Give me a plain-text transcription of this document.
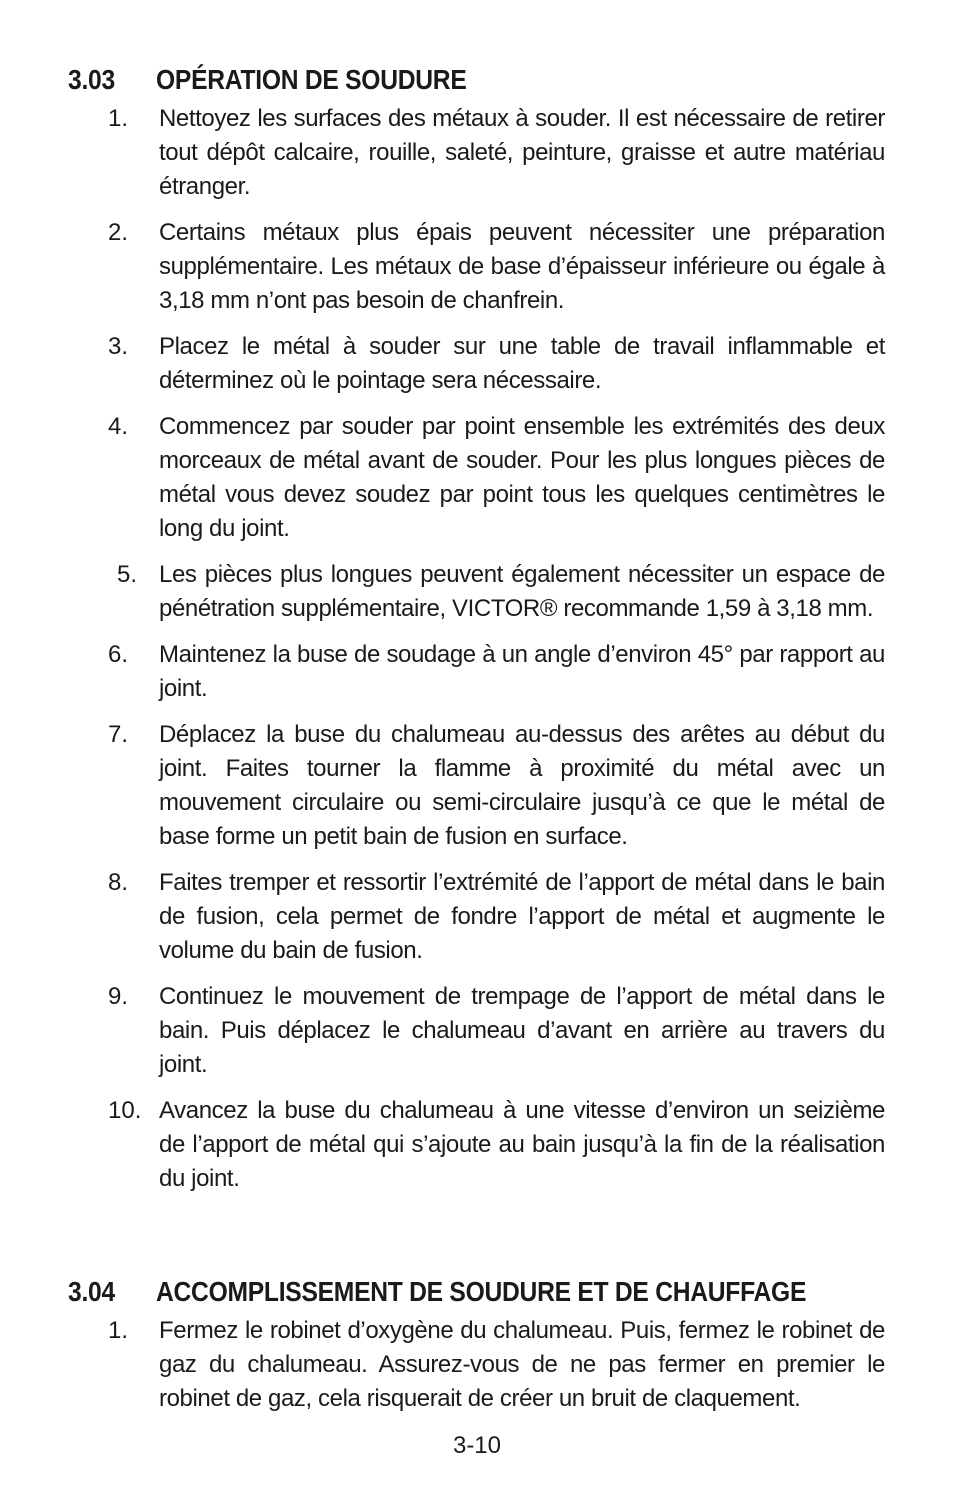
3.03 OPÉRATION DE SOUDURE
1. Nettoyez les surfaces des métaux à souder. Il est nécessaire de retirer tout dépôt calcaire, rouille, saleté, peinture, graisse et autre matériau étranger.
2. Certains métaux plus épais peuvent nécessiter une préparation supplémentaire. Les métaux de base d’épaisseur inférieure ou égale à 3,18 mm n’ont pas besoin de chanfrein.
3. Placez le métal à souder sur une table de travail inflammable et déterminez où le pointage sera nécessaire.
4. Commencez par souder par point ensemble les extrémités des deux morceaux de métal avant de souder. Pour les plus longues pièces de métal vous devez soudez par point tous les quelques centimètres le long du joint.
5. Les pièces plus longues peuvent également nécessiter un espace de pénétration supplémentaire, VICTOR® recommande 1,59 à 3,18 mm.
6. Maintenez la buse de soudage à un angle d’environ 45° par rapport au joint.
7. Déplacez la buse du chalumeau au-dessus des arêtes au début du joint. Faites tourner la flamme à proximité du métal avec un mouvement circulaire ou semi-circulaire jusqu’à ce que le métal de base forme un petit bain de fusion en surface.
8. Faites tremper et ressortir l’extrémité de l’apport de métal dans le bain de fusion, cela permet de fondre l’apport de métal et augmente le volume du bain de fusion.
9. Continuez le mouvement de trempage de l’apport de métal dans le bain. Puis déplacez le chalumeau d’avant en arrière au travers du joint.
10. Avancez la buse du chalumeau à une vitesse d’environ un seizième de l’apport de métal qui s’ajoute au bain jusqu’à la fin de la réalisation du joint.
3.04 ACCOMPLISSEMENT DE SOUDURE ET DE CHAUFFAGE
1. Fermez le robinet d’oxygène du chalumeau. Puis, fermez le robinet de gaz du chalumeau. Assurez-vous de ne pas fermer en premier le robinet de gaz, cela risquerait de créer un bruit de claquement.
3-10
